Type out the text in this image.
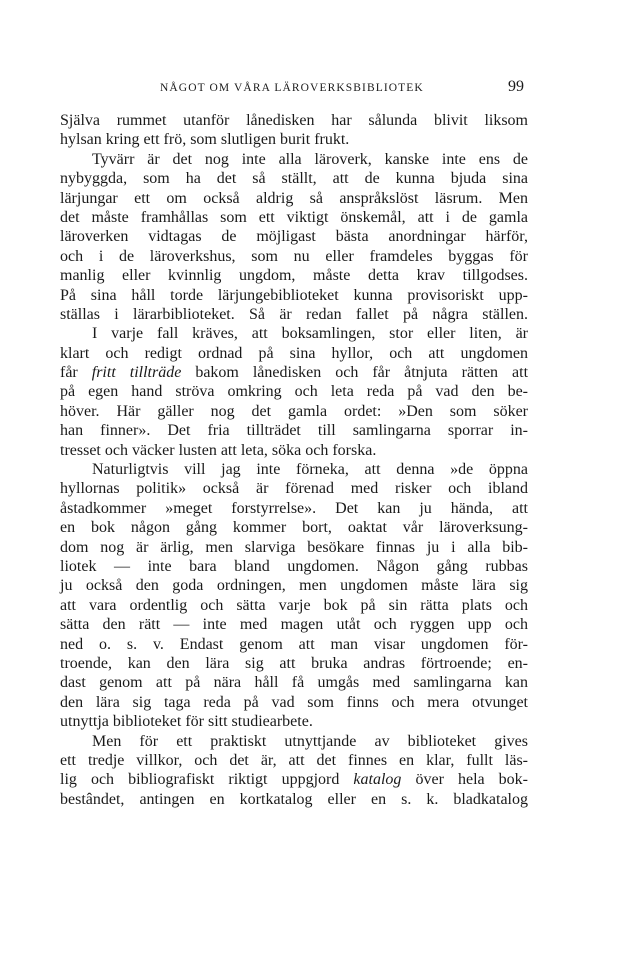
NÅGOT OM VÅRA LÄROVERKSBIBLIOTEK	99
Själva rummet utanför lånedisken har sålunda blivit liksom
hylsan kring ett frö, som slutligen burit frukt.
Tyvärr är det nog inte alla läroverk, kanske inte ens de
nybyggda, som ha det så ställt, att de kunna bjuda sina
lärjungar ett om också aldrig så anspråkslöst läsrum. Men
det måste framhållas som ett viktigt önskemål, att i de gamla
läroverken vidtagas de möjligast bästa anordningar härför,
och i de läroverkshus, som nu eller framdeles byggas för
manlig eller kvinnlig ungdom, måste detta krav tillgodses.
På sina håll torde lärjungebiblioteket kunna provisoriskt upp-
ställas i lärarbiblioteket. Så är redan fallet på några ställen.
I varje fall kräves, att boksamlingen, stor eller liten, är
klart och redigt ordnad på sina hyllor, och att ungdomen
får fritt tillträde bakom lånedisken och får åtnjuta rätten att
på egen hand ströva omkring och leta reda på vad den be-
höver. Här gäller nog det gamla ordet: »Den som söker
han finner». Det fria tillträdet till samlingarna sporrar in-
tresset och väcker lusten att leta, söka och forska.
Naturligtvis vill jag inte förneka, att denna »de öppna
hyllornas politik» också är förenad med risker och ibland
åstadkommer »meget forstyrrelse». Det kan ju hända, att
en bok någon gång kommer bort, oaktat vår läroverksung-
dom nog är ärlig, men slarviga besökare finnas ju i alla bib-
liotek — inte bara bland ungdomen. Någon gång rubbas
ju också den goda ordningen, men ungdomen måste lära sig
att vara ordentlig och sätta varje bok på sin rätta plats och
sätta den rätt — inte med magen utåt och ryggen upp och
ned o. s. v. Endast genom att man visar ungdomen för-
troende, kan den lära sig att bruka andras förtroende; en-
dast genom att på nära håll få umgås med samlingarna kan
den lära sig taga reda på vad som finns och mera otvunget
utnyttja biblioteket för sitt studiearbete.
Men för ett praktiskt utnyttjande av biblioteket gives
ett tredje villkor, och det är, att det finnes en klar, fullt läs-
lig och bibliografiskt riktigt uppgjord katalog över hela bok-
bestândet, antingen en kortkatalog eller en s. k. bladkatalog
